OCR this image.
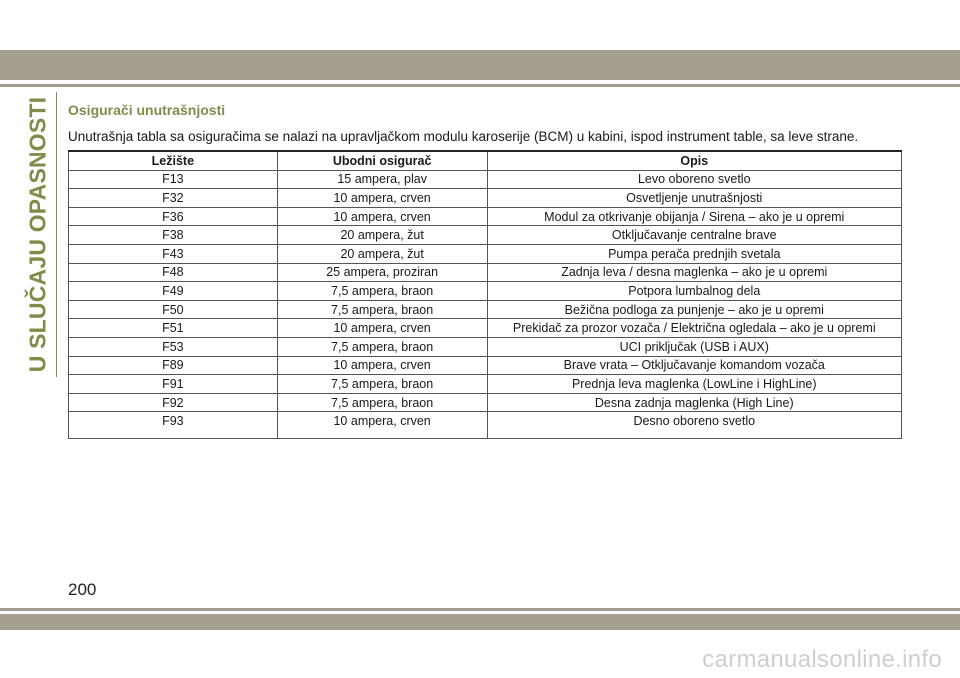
U SLUČAJU OPASNOSTI Osigurači unutrašnjosti
Unutrašnja tabla sa osiguračima se nalazi na upravljačkom modulu karoserije (BCM) u kabini, ispod instrument table, sa leve strane.
Ležište	Ubodni osigurač	Opis
F13	15 ampera, plav	Levo oboreno svetlo
F32	10 ampera, crven	Osvetljenje unutrašnjosti
F36	10 ampera, crven	Modul za otkrivanje obijanja / Sirena – ako je u opremi
F38	20 ampera, žut	Otključavanje centralne brave
F43	20 ampera, žut	Pumpa perača prednjih svetala
F48	25 ampera, proziran	Zadnja leva / desna maglenka – ako je u opremi
F49	7,5 ampera, braon	Potpora lumbalnog dela
F50	7,5 ampera, braon	Bežična podloga za punjenje – ako je u opremi
F51	10 ampera, crven	Prekidač za prozor vozača / Električna ogledala – ako je u opremi
F53	7,5 ampera, braon	UCI priključak (USB i AUX)
F89	10 ampera, crven	Brave vrata – Otključavanje komandom vozača
F91	7,5 ampera, braon	Prednja leva maglenka (LowLine i HighLine)
F92	7,5 ampera, braon	Desna zadnja maglenka (High Line)
F93	10 ampera, crven	Desno oboreno svetlo
200
carmanualsonline.info
